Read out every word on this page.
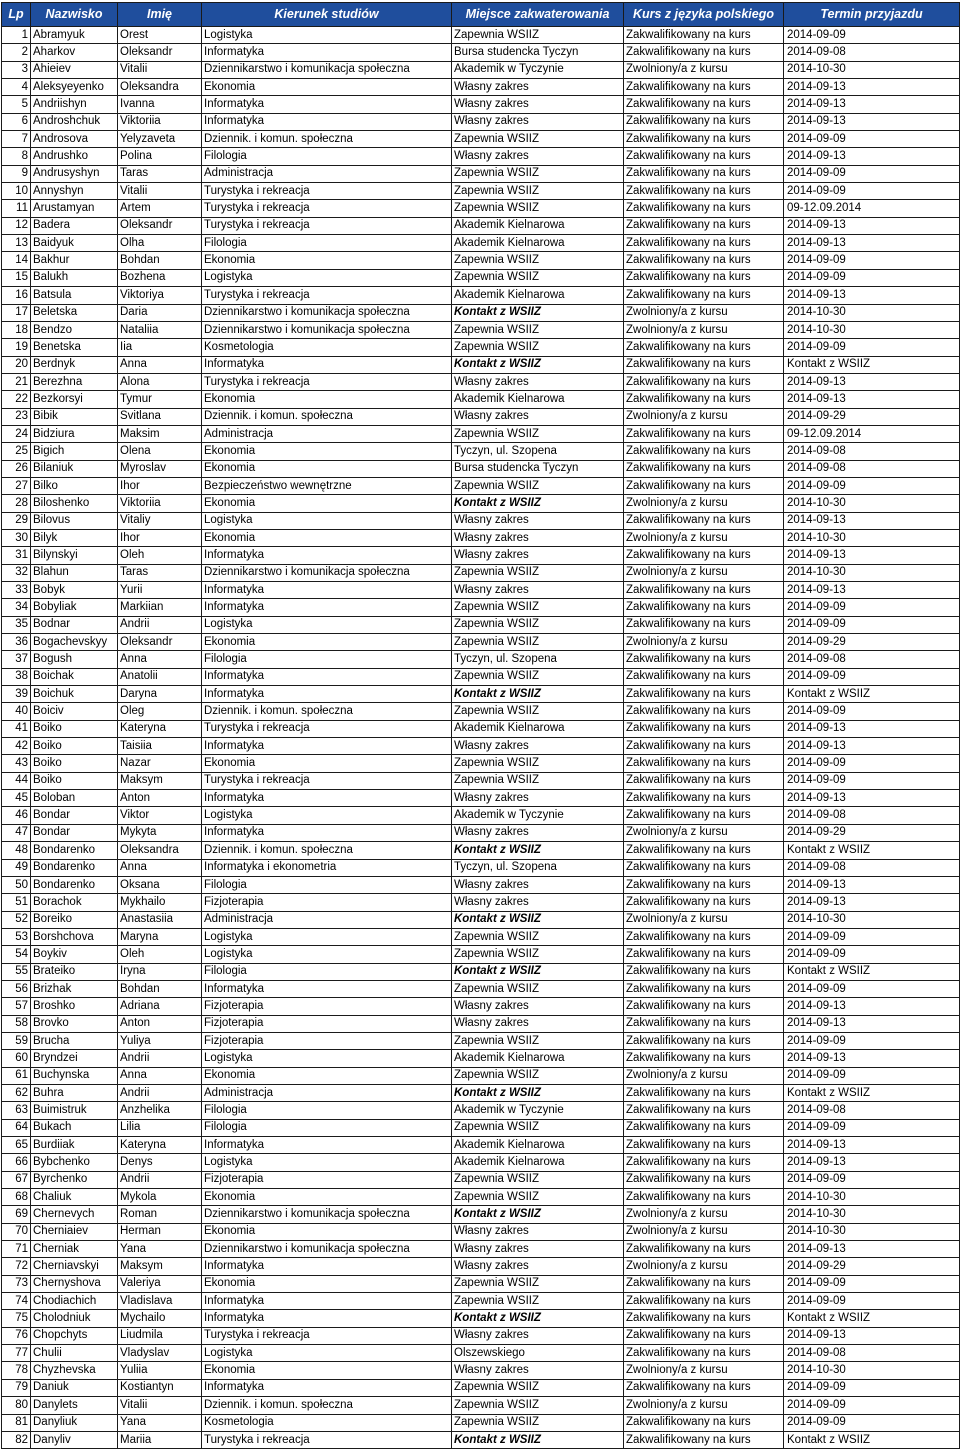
Lp	Nazwisko	Imię	Kierunek studiów	Miejsce zakwaterowania	Kurs z języka polskiego	Termin przyjazdu
1	Abramyuk	Orest	Logistyka	Zapewnia WSIIZ	Zakwalifikowany na kurs	2014-09-09
2	Aharkov	Oleksandr	Informatyka	Bursa studencka Tyczyn	Zakwalifikowany na kurs	2014-09-08
3	Ahieiev	Vitalii	Dziennikarstwo i komunikacja społeczna	Akademik w Tyczynie	Zwolniony/a z kursu	2014-10-30
4	Aleksyeyenko	Oleksandra	Ekonomia	Własny zakres	Zakwalifikowany na kurs	2014-09-13
5	Andriishyn	Ivanna	Informatyka	Własny zakres	Zakwalifikowany na kurs	2014-09-13
6	Androshchuk	Viktoriia	Informatyka	Własny zakres	Zakwalifikowany na kurs	2014-09-13
7	Androsova	Yelyzaveta	Dziennik. i komun. społeczna	Zapewnia WSIIZ	Zakwalifikowany na kurs	2014-09-09
8	Andrushko	Polina	Filologia	Własny zakres	Zakwalifikowany na kurs	2014-09-13
9	Andrusyshyn	Taras	Administracja	Zapewnia WSIIZ	Zakwalifikowany na kurs	2014-09-09
10	Annyshyn	Vitalii	Turystyka i rekreacja	Zapewnia WSIIZ	Zakwalifikowany na kurs	2014-09-09
11	Arustamyan	Artem	Turystyka i rekreacja	Zapewnia WSIIZ	Zakwalifikowany na kurs	09-12.09.2014
12	Badera	Oleksandr	Turystyka i rekreacja	Akademik Kielnarowa	Zakwalifikowany na kurs	2014-09-13
13	Baidyuk	Olha	Filologia	Akademik Kielnarowa	Zakwalifikowany na kurs	2014-09-13
14	Bakhur	Bohdan	Ekonomia	Zapewnia WSIIZ	Zakwalifikowany na kurs	2014-09-09
15	Balukh	Bozhena	Logistyka	Zapewnia WSIIZ	Zakwalifikowany na kurs	2014-09-09
16	Batsula	Viktoriya	Turystyka i rekreacja	Akademik Kielnarowa	Zakwalifikowany na kurs	2014-09-13
17	Beletska	Daria	Dziennikarstwo i komunikacja społeczna	Kontakt z WSIIZ	Zwolniony/a z kursu	2014-10-30
18	Bendzo	Nataliia	Dziennikarstwo i komunikacja społeczna	Zapewnia WSIIZ	Zwolniony/a z kursu	2014-10-30
19	Benetska	Iia	Kosmetologia	Zapewnia WSIIZ	Zakwalifikowany na kurs	2014-09-09
20	Berdnyk	Anna	Informatyka	Kontakt z WSIIZ	Zakwalifikowany na kurs	Kontakt z WSIIZ
21	Berezhna	Alona	Turystyka i rekreacja	Własny zakres	Zakwalifikowany na kurs	2014-09-13
22	Bezkorsyi	Tymur	Ekonomia	Akademik Kielnarowa	Zakwalifikowany na kurs	2014-09-13
23	Bibik	Svitlana	Dziennik. i komun. społeczna	Własny zakres	Zwolniony/a z kursu	2014-09-29
24	Bidziura	Maksim	Administracja	Zapewnia WSIIZ	Zakwalifikowany na kurs	09-12.09.2014
25	Bigich	Olena	Ekonomia	Tyczyn, ul. Szopena	Zakwalifikowany na kurs	2014-09-08
26	Bilaniuk	Myroslav	Ekonomia	Bursa studencka Tyczyn	Zakwalifikowany na kurs	2014-09-08
27	Bilko	Ihor	Bezpieczeństwo wewnętrzne	Zapewnia WSIIZ	Zakwalifikowany na kurs	2014-09-09
28	Biloshenko	Viktoriia	Ekonomia	Kontakt z WSIIZ	Zwolniony/a z kursu	2014-10-30
29	Bilovus	Vitaliy	Logistyka	Własny zakres	Zakwalifikowany na kurs	2014-09-13
30	Bilyk	Ihor	Ekonomia	Własny zakres	Zwolniony/a z kursu	2014-10-30
31	Bilynskyi	Oleh	Informatyka	Własny zakres	Zakwalifikowany na kurs	2014-09-13
32	Blahun	Taras	Dziennikarstwo i komunikacja społeczna	Zapewnia WSIIZ	Zwolniony/a z kursu	2014-10-30
33	Bobyk	Yurii	Informatyka	Własny zakres	Zakwalifikowany na kurs	2014-09-13
34	Bobyliak	Markiian	Informatyka	Zapewnia WSIIZ	Zakwalifikowany na kurs	2014-09-09
35	Bodnar	Andrii	Logistyka	Zapewnia WSIIZ	Zakwalifikowany na kurs	2014-09-09
36	Bogachevskyy	Oleksandr	Ekonomia	Zapewnia WSIIZ	Zwolniony/a z kursu	2014-09-29
37	Bogush	Anna	Filologia	Tyczyn, ul. Szopena	Zakwalifikowany na kurs	2014-09-08
38	Boichak	Anatolii	Informatyka	Zapewnia WSIIZ	Zakwalifikowany na kurs	2014-09-09
39	Boichuk	Daryna	Informatyka	Kontakt z WSIIZ	Zakwalifikowany na kurs	Kontakt z WSIIZ
40	Boiciv	Oleg	Dziennik. i komun. społeczna	Zapewnia WSIIZ	Zakwalifikowany na kurs	2014-09-09
41	Boiko	Kateryna	Turystyka i rekreacja	Akademik Kielnarowa	Zakwalifikowany na kurs	2014-09-13
42	Boiko	Taisiia	Informatyka	Własny zakres	Zakwalifikowany na kurs	2014-09-13
43	Boiko	Nazar	Ekonomia	Zapewnia WSIIZ	Zakwalifikowany na kurs	2014-09-09
44	Boiko	Maksym	Turystyka i rekreacja	Zapewnia WSIIZ	Zakwalifikowany na kurs	2014-09-09
45	Boloban	Anton	Informatyka	Własny zakres	Zakwalifikowany na kurs	2014-09-13
46	Bondar	Viktor	Logistyka	Akademik w Tyczynie	Zakwalifikowany na kurs	2014-09-08
47	Bondar	Mykyta	Informatyka	Własny zakres	Zwolniony/a z kursu	2014-09-29
48	Bondarenko	Oleksandra	Dziennik. i komun. społeczna	Kontakt z WSIIZ	Zakwalifikowany na kurs	Kontakt z WSIIZ
49	Bondarenko	Anna	Informatyka i ekonometria	Tyczyn, ul. Szopena	Zakwalifikowany na kurs	2014-09-08
50	Bondarenko	Oksana	Filologia	Własny zakres	Zakwalifikowany na kurs	2014-09-13
51	Borachok	Mykhailo	Fizjoterapia	Własny zakres	Zakwalifikowany na kurs	2014-09-13
52	Boreiko	Anastasiia	Administracja	Kontakt z WSIIZ	Zwolniony/a z kursu	2014-10-30
53	Borshchova	Maryna	Logistyka	Zapewnia WSIIZ	Zakwalifikowany na kurs	2014-09-09
54	Boykiv	Oleh	Logistyka	Zapewnia WSIIZ	Zakwalifikowany na kurs	2014-09-09
55	Brateiko	Iryna	Filologia	Kontakt z WSIIZ	Zakwalifikowany na kurs	Kontakt z WSIIZ
56	Brizhak	Bohdan	Informatyka	Zapewnia WSIIZ	Zakwalifikowany na kurs	2014-09-09
57	Broshko	Adriana	Fizjoterapia	Własny zakres	Zakwalifikowany na kurs	2014-09-13
58	Brovko	Anton	Fizjoterapia	Własny zakres	Zakwalifikowany na kurs	2014-09-13
59	Brucha	Yuliya	Fizjoterapia	Zapewnia WSIIZ	Zakwalifikowany na kurs	2014-09-09
60	Bryndzei	Andrii	Logistyka	Akademik Kielnarowa	Zakwalifikowany na kurs	2014-09-13
61	Buchynska	Anna	Ekonomia	Zapewnia WSIIZ	Zwolniony/a z kursu	2014-09-09
62	Buhra	Andrii	Administracja	Kontakt z WSIIZ	Zakwalifikowany na kurs	Kontakt z WSIIZ
63	Buimistruk	Anzhelika	Filologia	Akademik w Tyczynie	Zakwalifikowany na kurs	2014-09-08
64	Bukach	Lilia	Filologia	Zapewnia WSIIZ	Zakwalifikowany na kurs	2014-09-09
65	Burdiiak	Kateryna	Informatyka	Akademik Kielnarowa	Zakwalifikowany na kurs	2014-09-13
66	Bybchenko	Denys	Logistyka	Akademik Kielnarowa	Zakwalifikowany na kurs	2014-09-13
67	Byrchenko	Andrii	Fizjoterapia	Zapewnia WSIIZ	Zakwalifikowany na kurs	2014-09-09
68	Chaliuk	Mykola	Ekonomia	Zapewnia WSIIZ	Zakwalifikowany na kurs	2014-10-30
69	Chernevych	Roman	Dziennikarstwo i komunikacja społeczna	Kontakt z WSIIZ	Zwolniony/a z kursu	2014-10-30
70	Cherniaiev	Herman	Ekonomia	Własny zakres	Zwolniony/a z kursu	2014-10-30
71	Cherniak	Yana	Dziennikarstwo i komunikacja społeczna	Własny zakres	Zakwalifikowany na kurs	2014-09-13
72	Cherniavskyi	Maksym	Informatyka	Własny zakres	Zwolniony/a z kursu	2014-09-29
73	Chernyshova	Valeriya	Ekonomia	Zapewnia WSIIZ	Zakwalifikowany na kurs	2014-09-09
74	Chodiachich	Vladislava	Informatyka	Zapewnia WSIIZ	Zakwalifikowany na kurs	2014-09-09
75	Cholodniuk	Mychailo	Informatyka	Kontakt z WSIIZ	Zakwalifikowany na kurs	Kontakt z WSIIZ
76	Chopchyts	Liudmila	Turystyka i rekreacja	Własny zakres	Zakwalifikowany na kurs	2014-09-13
77	Chulii	Vladyslav	Logistyka	Olszewskiego	Zakwalifikowany na kurs	2014-09-08
78	Chyzhevska	Yuliia	Ekonomia	Własny zakres	Zwolniony/a z kursu	2014-10-30
79	Daniuk	Kostiantyn	Informatyka	Zapewnia WSIIZ	Zakwalifikowany na kurs	2014-09-09
80	Danylets	Vitalii	Dziennik. i komun. społeczna	Zapewnia WSIIZ	Zwolniony/a z kursu	2014-09-09
81	Danyliuk	Yana	Kosmetologia	Zapewnia WSIIZ	Zakwalifikowany na kurs	2014-09-09
82	Danyliv	Mariia	Turystyka i rekreacja	Kontakt z WSIIZ	Zakwalifikowany na kurs	Kontakt z WSIIZ
